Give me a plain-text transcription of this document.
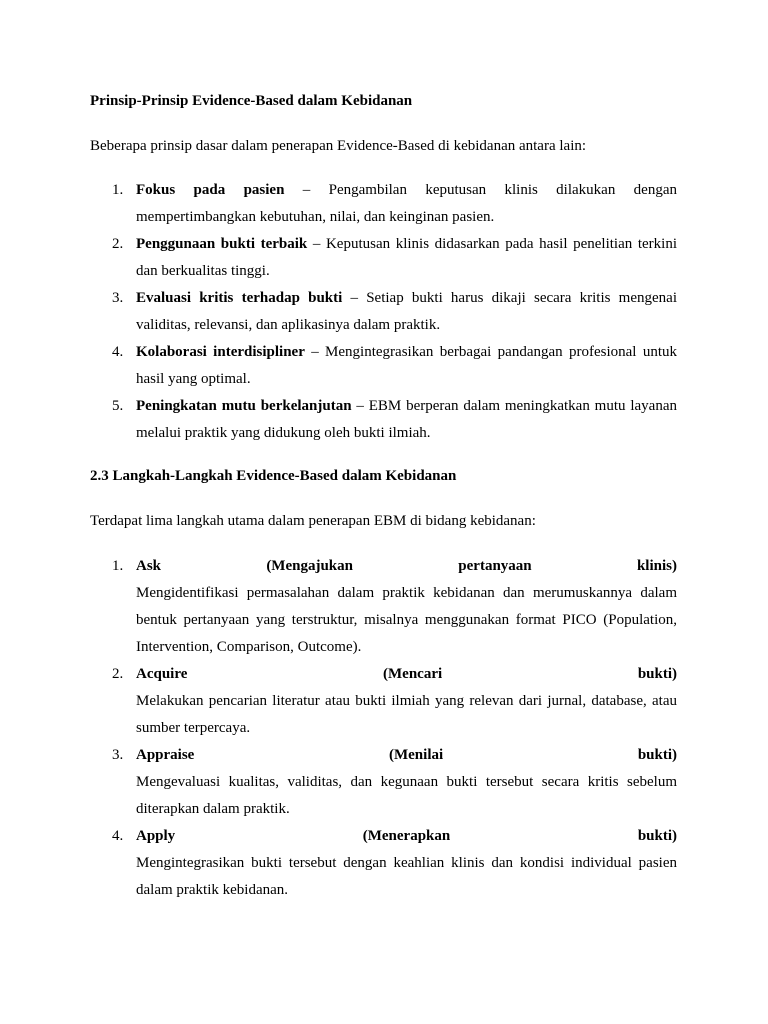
Prinsip-Prinsip Evidence-Based dalam Kebidanan

Beberapa prinsip dasar dalam penerapan Evidence-Based di kebidanan antara lain:

1. Fokus pada pasien – Pengambilan keputusan klinis dilakukan dengan mempertimbangkan kebutuhan, nilai, dan keinginan pasien.
2. Penggunaan bukti terbaik – Keputusan klinis didasarkan pada hasil penelitian terkini dan berkualitas tinggi.
3. Evaluasi kritis terhadap bukti – Setiap bukti harus dikaji secara kritis mengenai validitas, relevansi, dan aplikasinya dalam praktik.
4. Kolaborasi interdisipliner – Mengintegrasikan berbagai pandangan profesional untuk hasil yang optimal.
5. Peningkatan mutu berkelanjutan – EBM berperan dalam meningkatkan mutu layanan melalui praktik yang didukung oleh bukti ilmiah.
2.3 Langkah-Langkah Evidence-Based dalam Kebidanan

Terdapat lima langkah utama dalam penerapan EBM di bidang kebidanan:

1. Ask	(Mengajukan	pertanyaan	klinis)
Mengidentifikasi permasalahan dalam praktik kebidanan dan merumuskannya dalam bentuk pertanyaan yang terstruktur, misalnya menggunakan format PICO (Population, Intervention, Comparison, Outcome).
2. Acquire	(Mencari	bukti)
Melakukan pencarian literatur atau bukti ilmiah yang relevan dari jurnal, database, atau sumber terpercaya.
3. Appraise	(Menilai	bukti)
Mengevaluasi kualitas, validitas, dan kegunaan bukti tersebut secara kritis sebelum diterapkan dalam praktik.
4. Apply	(Menerapkan	bukti)
Mengintegrasikan bukti tersebut dengan keahlian klinis dan kondisi individual pasien dalam praktik kebidanan.
